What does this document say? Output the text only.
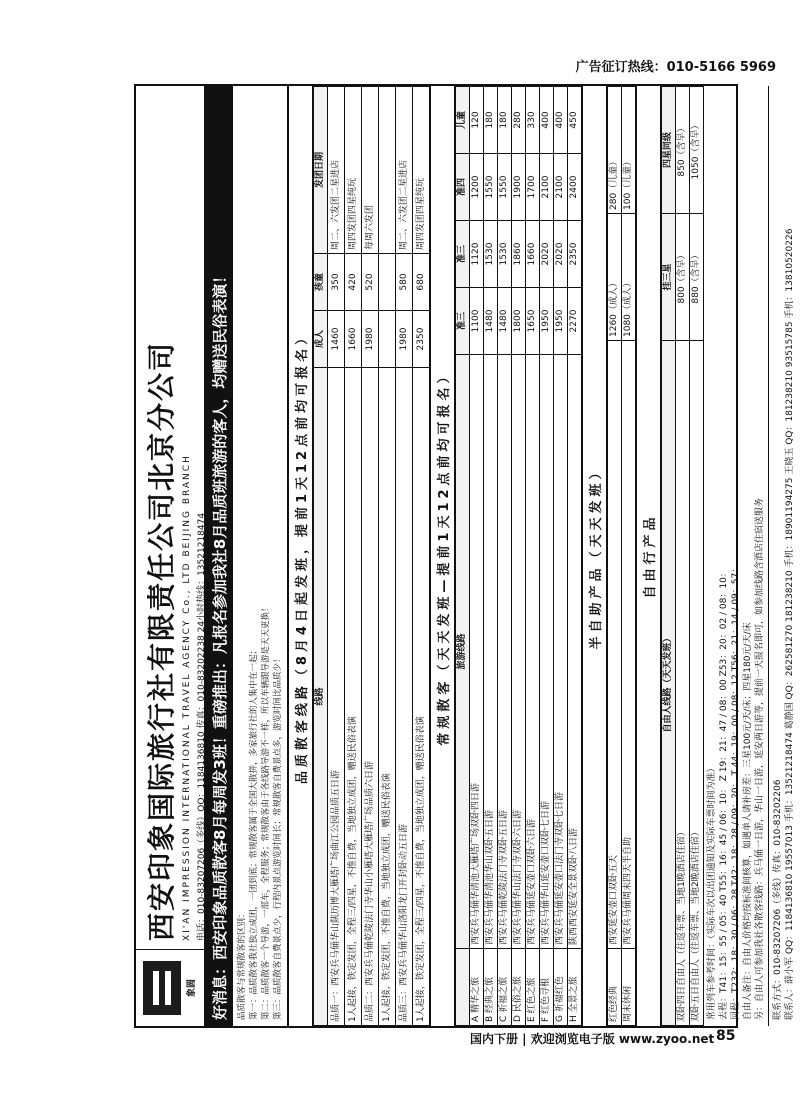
广告征订热线：010-5166 5969
象圆
西安印象国际旅行社有限责任公司北京分公司 XI'AN IMPRESSION INTERNATIONAL TRAVEL AGENCY Co., LTD BEIJING BRANCH 电话：010-83207206（多线）QQ：1184136810 传真：010-83202238 24小时热线：13521218474 好消息：西安印象品质散客8月每周发3班！重磅推出：凡报名参加我社8月品质班旅游的客人，均赠送民俗表演！ 品质散客与常规散客的区别： 第一：品质散客我社独立成团，一团到底；常规散客属于全国大散拼，多家旅行社的人集中在一起； 第二：品质散客一个导游，一部车，全程服务；常规散客由于各线路导游不一样，所以车辆跟导游是天天更换！ 第三：品质散客自费景点少，行程内景点游览时间长；常规散客自费景点多，游览时间比品质少！
品质散客线路（8月4日起发班，提前1天12点前均可报名） 线路	成人	孩童	发团日期
品质一：西安兵马俑华山陕历博大雁塔广场曲江公园品质五日游	1460	350	周二、六发团二星进店
1人起接，铁定发团，全程三/四星，不推自费，当地独立成团，赠送民俗表演	1660	420	周四发团四星纯玩
品质二：西安兵马俑乾陵法门寺华山小雁塔大雁塔广场品质六日游	1980	520	每周六发团
1人起接，铁定发团，不推自费，当地独立成团，赠送民俗表演			
品质三：西安兵马俑华山洛阳龙门开封卧动五日游	1980	580	周二、六发团二星进店
1人起接，铁定发团，全程三/四星，不推自费，当地独立成团，赠送民俗表演	2350	680	周四发团四星纯玩
常规散客（天天发班—提前1天12点前均可报名）
	旅游线路	准三	准三	准四	儿童
A 精华之旅	西安兵马俑华清池大雁塔广场双卧四日游	1100	1120	1200	120
B 经典之旅	西安兵马俑华清池华山双卧五日游	1480	1530	1550	180
C 祈福之旅	西安兵马俑乾陵法门寺双卧五日游	1480	1530	1550	180
D 民俗之旅	西安兵马俑华山法门寺双卧六日游	1800	1860	1900	280
E 红色之旅	西安兵马俑延安壶口双卧六日游	1650	1660	1700	330
F 红色寻根	西安兵马俑华山延安壶口双卧七日游	1950	2020	2100	400
G 祈福红色	西安兵马俑延安壶口法门寺双卧七日游	1950	2020	2100	400
H 全景之旅	陕西西安延安全景双卧八日游	2270	2350	2400	450
半自助产品（天天发班）
红色经典	西安延安壶口双卧五天	1260（成人）	280（儿童）
周末休闲	西安兵马俑周末四天半自助	1080（成人）	100（儿童）
自由行产品
自由人线路（天天发班）	挂三星	四星同级
双卧四日自由人（往返车票、当地1晚酒店住宿）	800（含早）	850（含早）
双卧五日自由人（往返车票、当地2晚酒店住宿）	880（含早）	1050（含早）
常用列车参考时间：（实际车次以出团通知及实际车票时间为准） 去程：T41：15：55 / 05：40 T55：16：45 / 06：10： Z 19：21：47 / 08：00 Z53：20：02 / 08：10： 回程：T232：18：30 / 06：28 T42：18：28 / 09：20： T 44：19：00 / 08：12 T56：21：14 / 09：57： 自由人备注：自由人价格均按标准间核算，如遇单人请补房差：三星100元/天/床；四星180元/天/床 另：自由人可参加我社各散客线路：兵马俑一日游，华山一日游，延安两日游等，提前一天报名即可，如参加线路含酒店住宿送服务 联系方式：010-83207206（多线）传真：010-83202206 联系人：薛小军 QQ：1184136810 19557013 手机：13521218474 葛静国 QQ：262581270 181238210 手机：18901194275 王晓玉 QQ：181238210 93515785 手机：13810520226
国内下册 | 欢迎浏览电子版 www.zyoo.net 85
